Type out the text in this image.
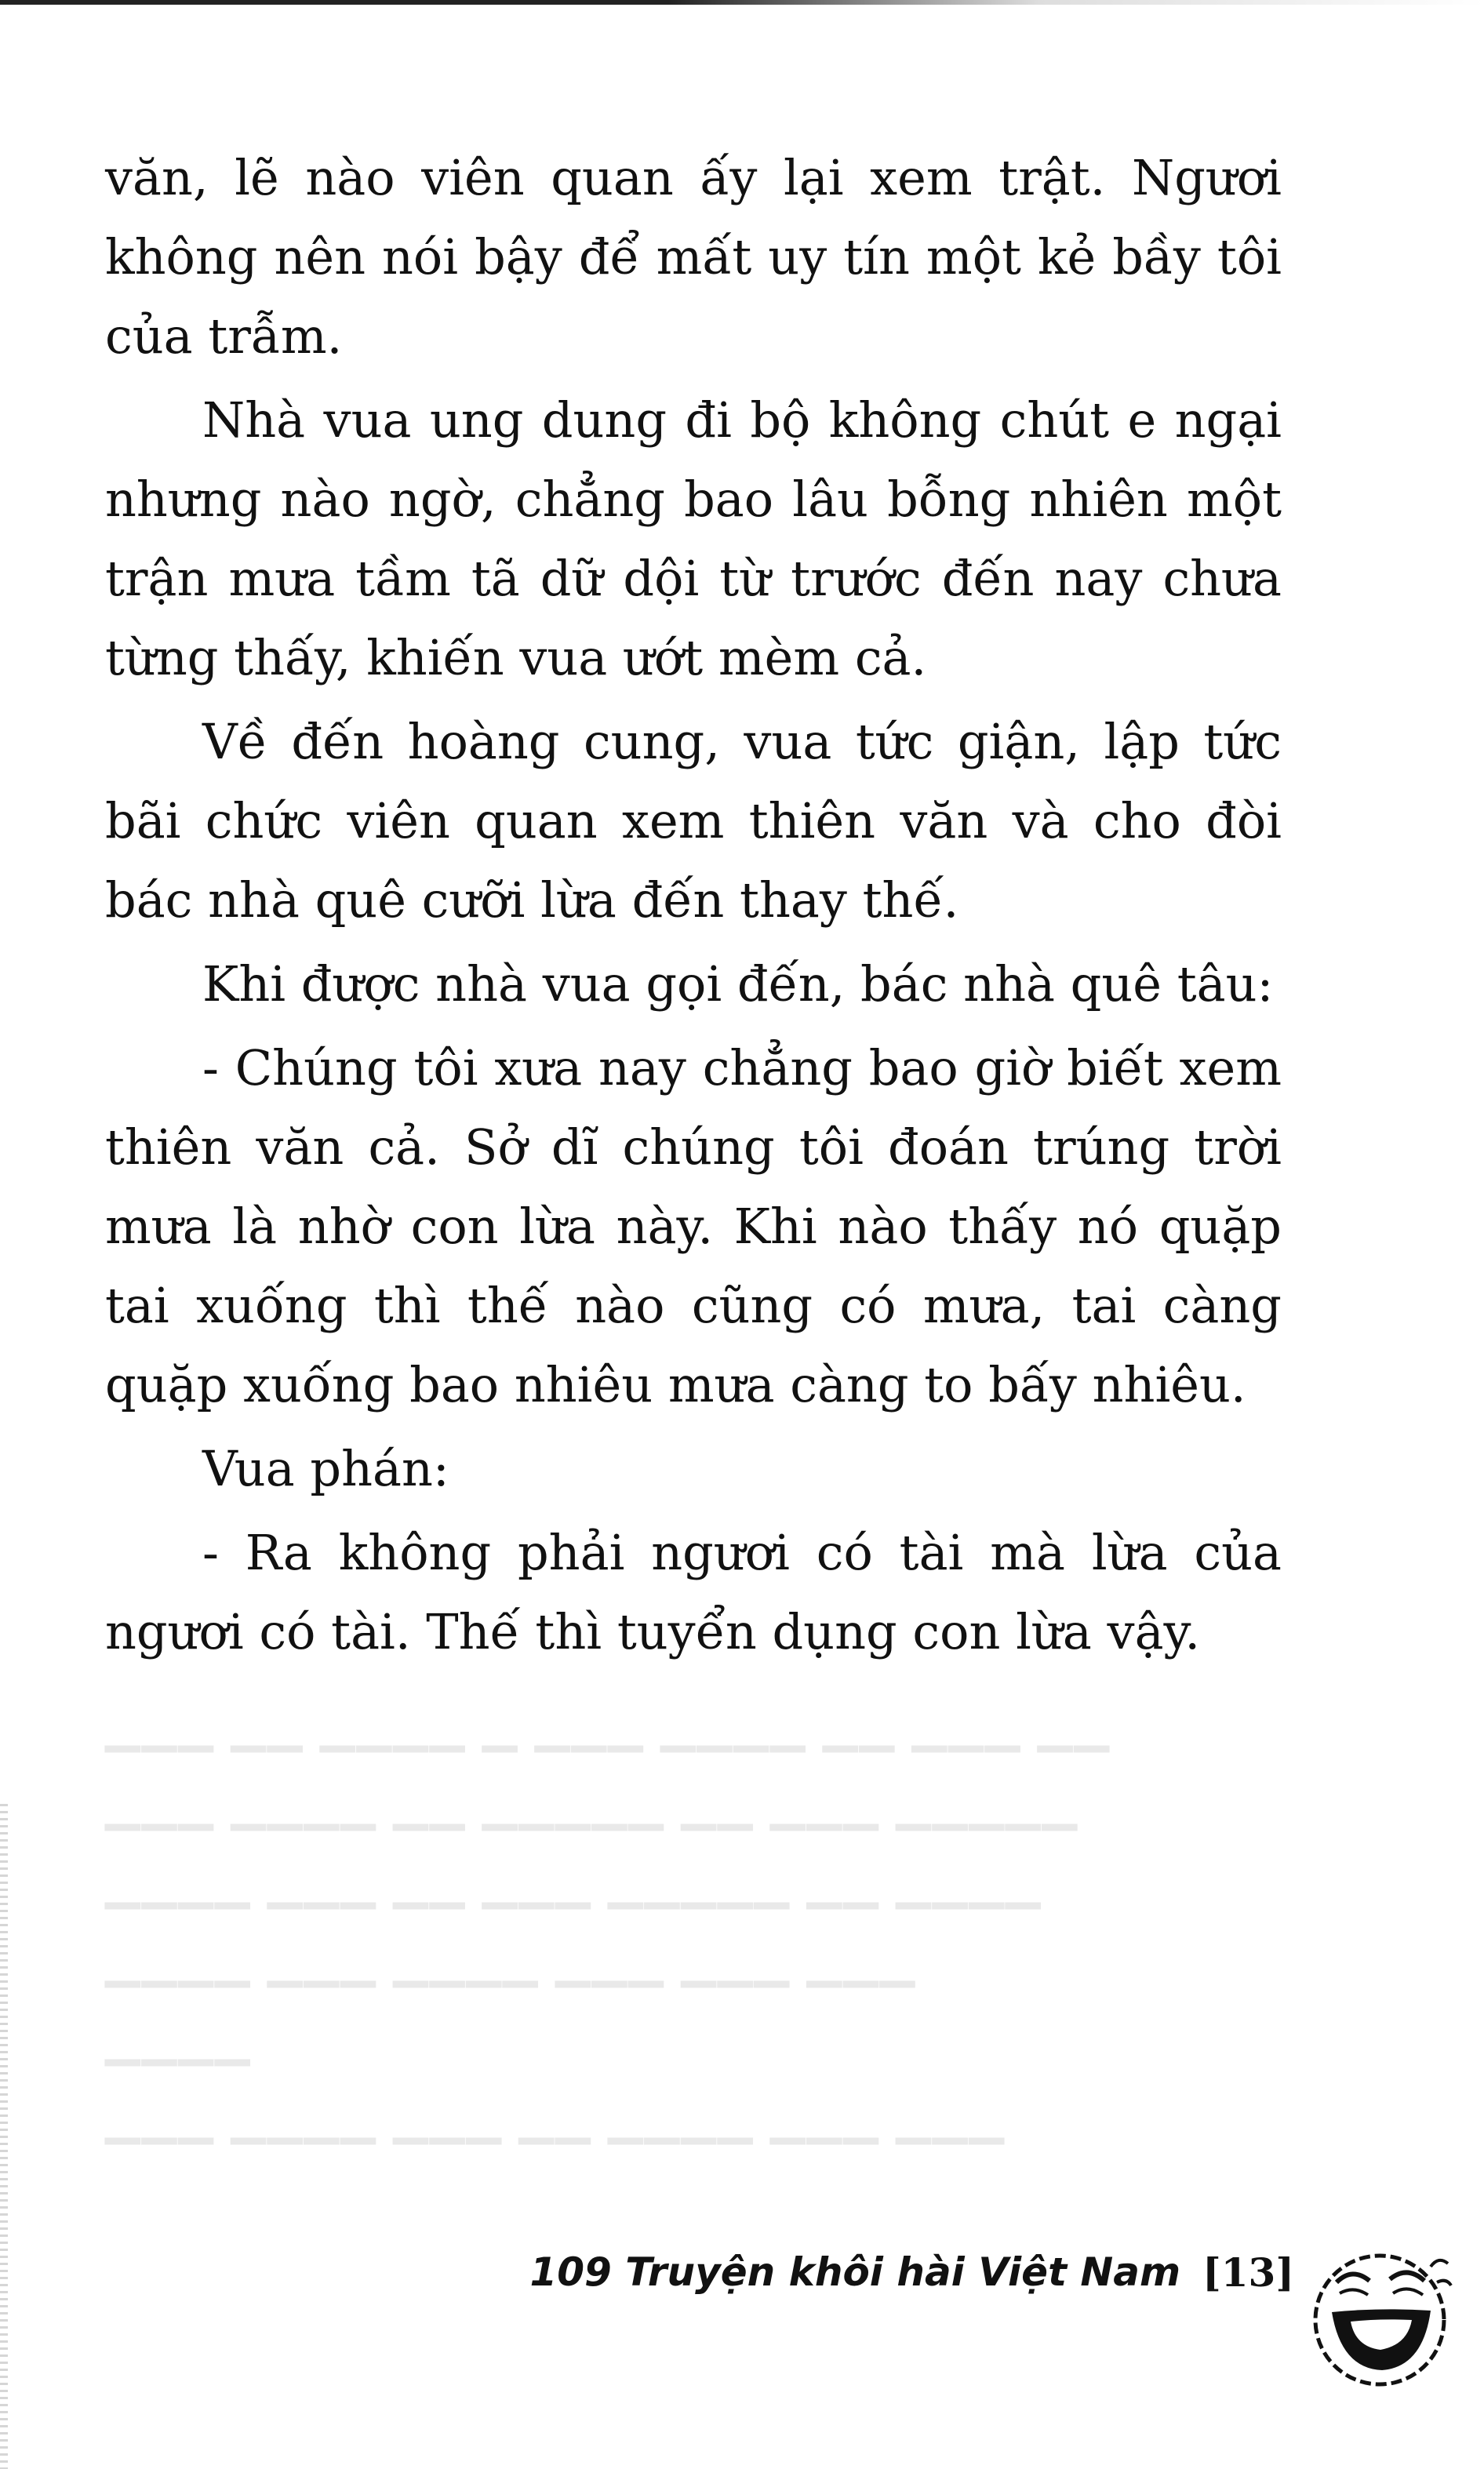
văn, lẽ nào viên quan ấy lại xem trật. Ngươi không nên nói bậy để mất uy tín một kẻ bầy tôi của trẫm.

Nhà vua ung dung đi bộ không chút e ngại nhưng nào ngờ, chẳng bao lâu bỗng nhiên một trận mưa tầm tã dữ dội từ trước đến nay chưa từng thấy, khiến vua ướt mèm cả.

Về đến hoàng cung, vua tức giận, lập tức bãi chức viên quan xem thiên văn và cho đòi bác nhà quê cưỡi lừa đến thay thế.

Khi được nhà vua gọi đến, bác nhà quê tâu:

- Chúng tôi xưa nay chẳng bao giờ biết xem thiên văn cả. Sở dĩ chúng tôi đoán trúng trời mưa là nhờ con lừa này. Khi nào thấy nó quặp tai xuống thì thế nào cũng có mưa, tai càng quặp xuống bao nhiêu mưa càng to bấy nhiêu.

Vua phán:

- Ra không phải ngươi có tài mà lừa của ngươi có tài. Thế thì tuyển dụng con lừa vậy.

▁▁▁ ▁▁ ▁▁▁▁ ▁ ▁▁▁ ▁▁▁▁ ▁▁ ▁▁▁ ▁▁
▁▁▁ ▁▁▁▁ ▁▁ ▁▁▁▁▁ ▁▁ ▁▁▁ ▁▁▁▁▁
▁▁▁▁ ▁▁▁ ▁▁ ▁▁▁ ▁▁▁▁▁ ▁▁ ▁▁▁▁
▁▁▁▁ ▁▁▁ ▁▁▁▁ ▁▁▁ ▁▁▁ ▁▁▁
▁▁▁▁
▁▁▁ ▁▁▁▁ ▁▁▁ ▁▁ ▁▁▁▁ ▁▁▁ ▁▁▁
109 Truyện khôi hài Việt Nam [13]
